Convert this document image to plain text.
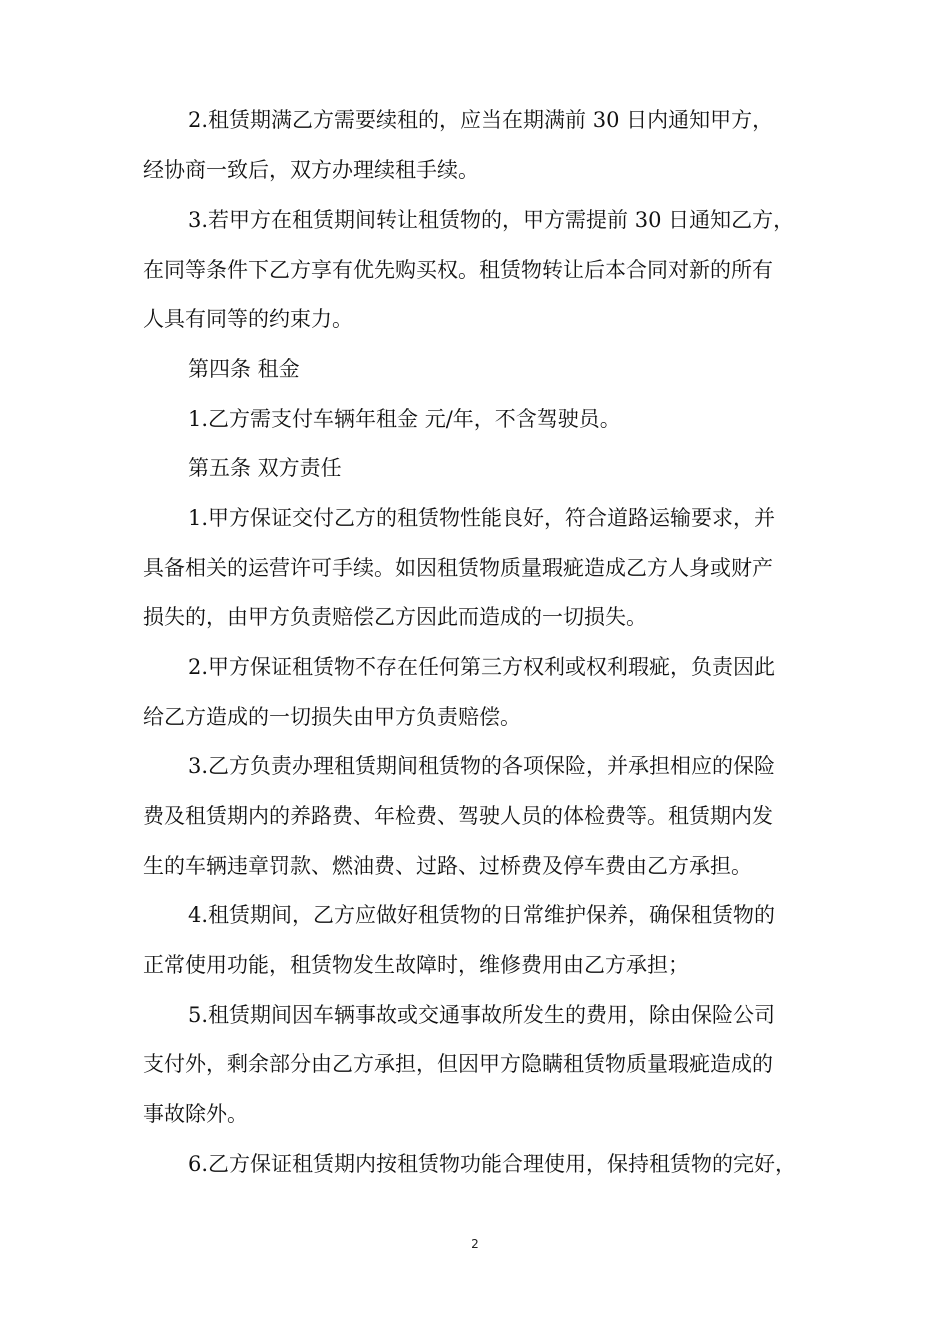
2.租赁期满乙方需要续租的，应当在期满前 30 日内通知甲方，
经协商一致后，双方办理续租手续。
3.若甲方在租赁期间转让租赁物的，甲方需提前 30 日通知乙方，
在同等条件下乙方享有优先购买权。租赁物转让后本合同对新的所有
人具有同等的约束力。
第四条 租金
1.乙方需支付车辆年租金 元/年，不含驾驶员。
第五条 双方责任
1.甲方保证交付乙方的租赁物性能良好，符合道路运输要求，并
具备相关的运营许可手续。如因租赁物质量瑕疵造成乙方人身或财产
损失的，由甲方负责赔偿乙方因此而造成的一切损失。
2.甲方保证租赁物不存在任何第三方权利或权利瑕疵，负责因此
给乙方造成的一切损失由甲方负责赔偿。
3.乙方负责办理租赁期间租赁物的各项保险，并承担相应的保险
费及租赁期内的养路费、年检费、驾驶人员的体检费等。租赁期内发
生的车辆违章罚款、燃油费、过路、过桥费及停车费由乙方承担。
4.租赁期间，乙方应做好租赁物的日常维护保养，确保租赁物的
正常使用功能，租赁物发生故障时，维修费用由乙方承担；
5.租赁期间因车辆事故或交通事故所发生的费用，除由保险公司
支付外，剩余部分由乙方承担，但因甲方隐瞒租赁物质量瑕疵造成的
事故除外。
6.乙方保证租赁期内按租赁物功能合理使用，保持租赁物的完好，
2
